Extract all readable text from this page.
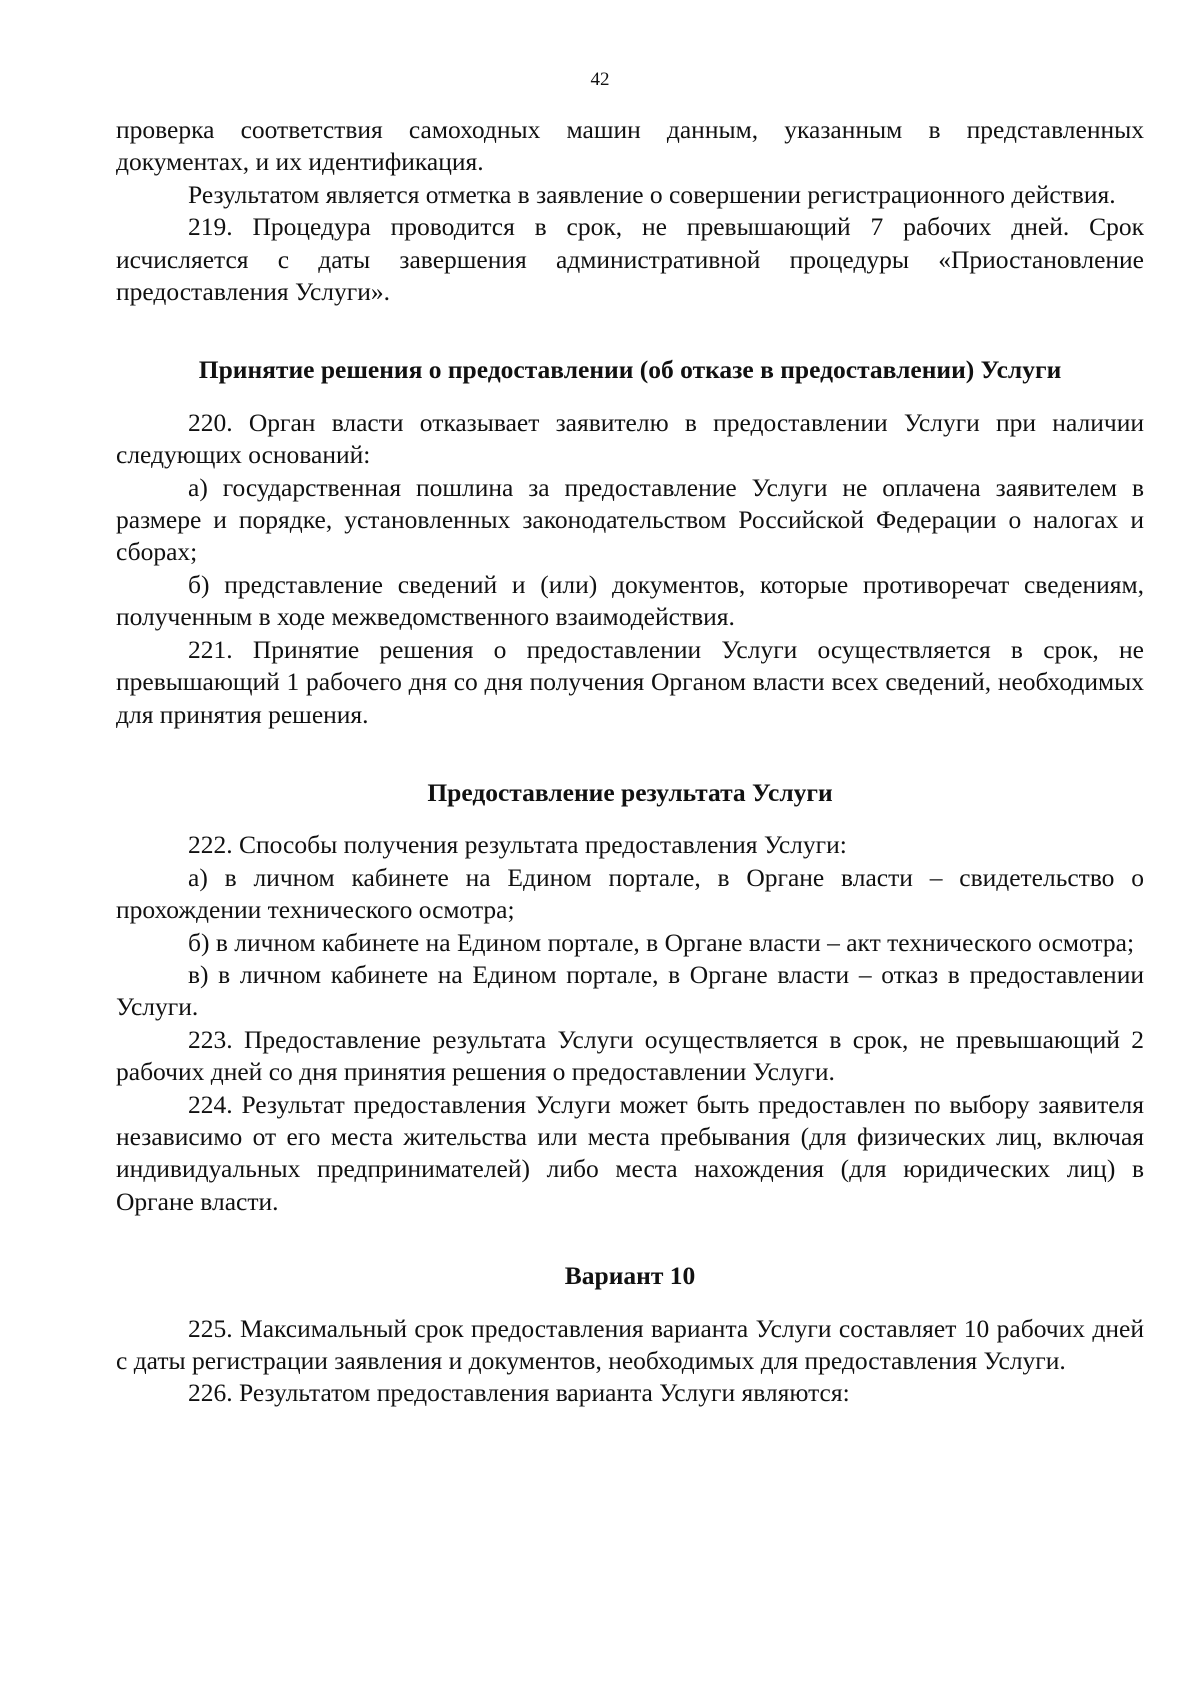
42

проверка соответствия самоходных машин данным, указанным в представленных документах, и их идентификация.

Результатом является отметка в заявление о совершении регистрационного действия.

219. Процедура проводится в срок, не превышающий 7 рабочих дней. Срок исчисляется с даты завершения административной процедуры «Приостановление предоставления Услуги».

Принятие решения о предоставлении (об отказе в предоставлении) Услуги

220. Орган власти отказывает заявителю в предоставлении Услуги при наличии следующих оснований:

а) государственная пошлина за предоставление Услуги не оплачена заявителем в размере и порядке, установленных законодательством Российской Федерации о налогах и сборах;

б) представление сведений и (или) документов, которые противоречат сведениям, полученным в ходе межведомственного взаимодействия.

221. Принятие решения о предоставлении Услуги осуществляется в срок, не превышающий 1 рабочего дня со дня получения Органом власти всех сведений, необходимых для принятия решения.

Предоставление результата Услуги

222. Способы получения результата предоставления Услуги:

а) в личном кабинете на Едином портале, в Органе власти – свидетельство о прохождении технического осмотра;

б) в личном кабинете на Едином портале, в Органе власти – акт технического осмотра;

в) в личном кабинете на Едином портале, в Органе власти – отказ в предоставлении Услуги.

223. Предоставление результата Услуги осуществляется в срок, не превышающий 2 рабочих дней со дня принятия решения о предоставлении Услуги.

224. Результат предоставления Услуги может быть предоставлен по выбору заявителя независимо от его места жительства или места пребывания (для физических лиц, включая индивидуальных предпринимателей) либо места нахождения (для юридических лиц) в Органе власти.

Вариант 10

225. Максимальный срок предоставления варианта Услуги составляет 10 рабочих дней с даты регистрации заявления и документов, необходимых для предоставления Услуги.

226. Результатом предоставления варианта Услуги являются:
